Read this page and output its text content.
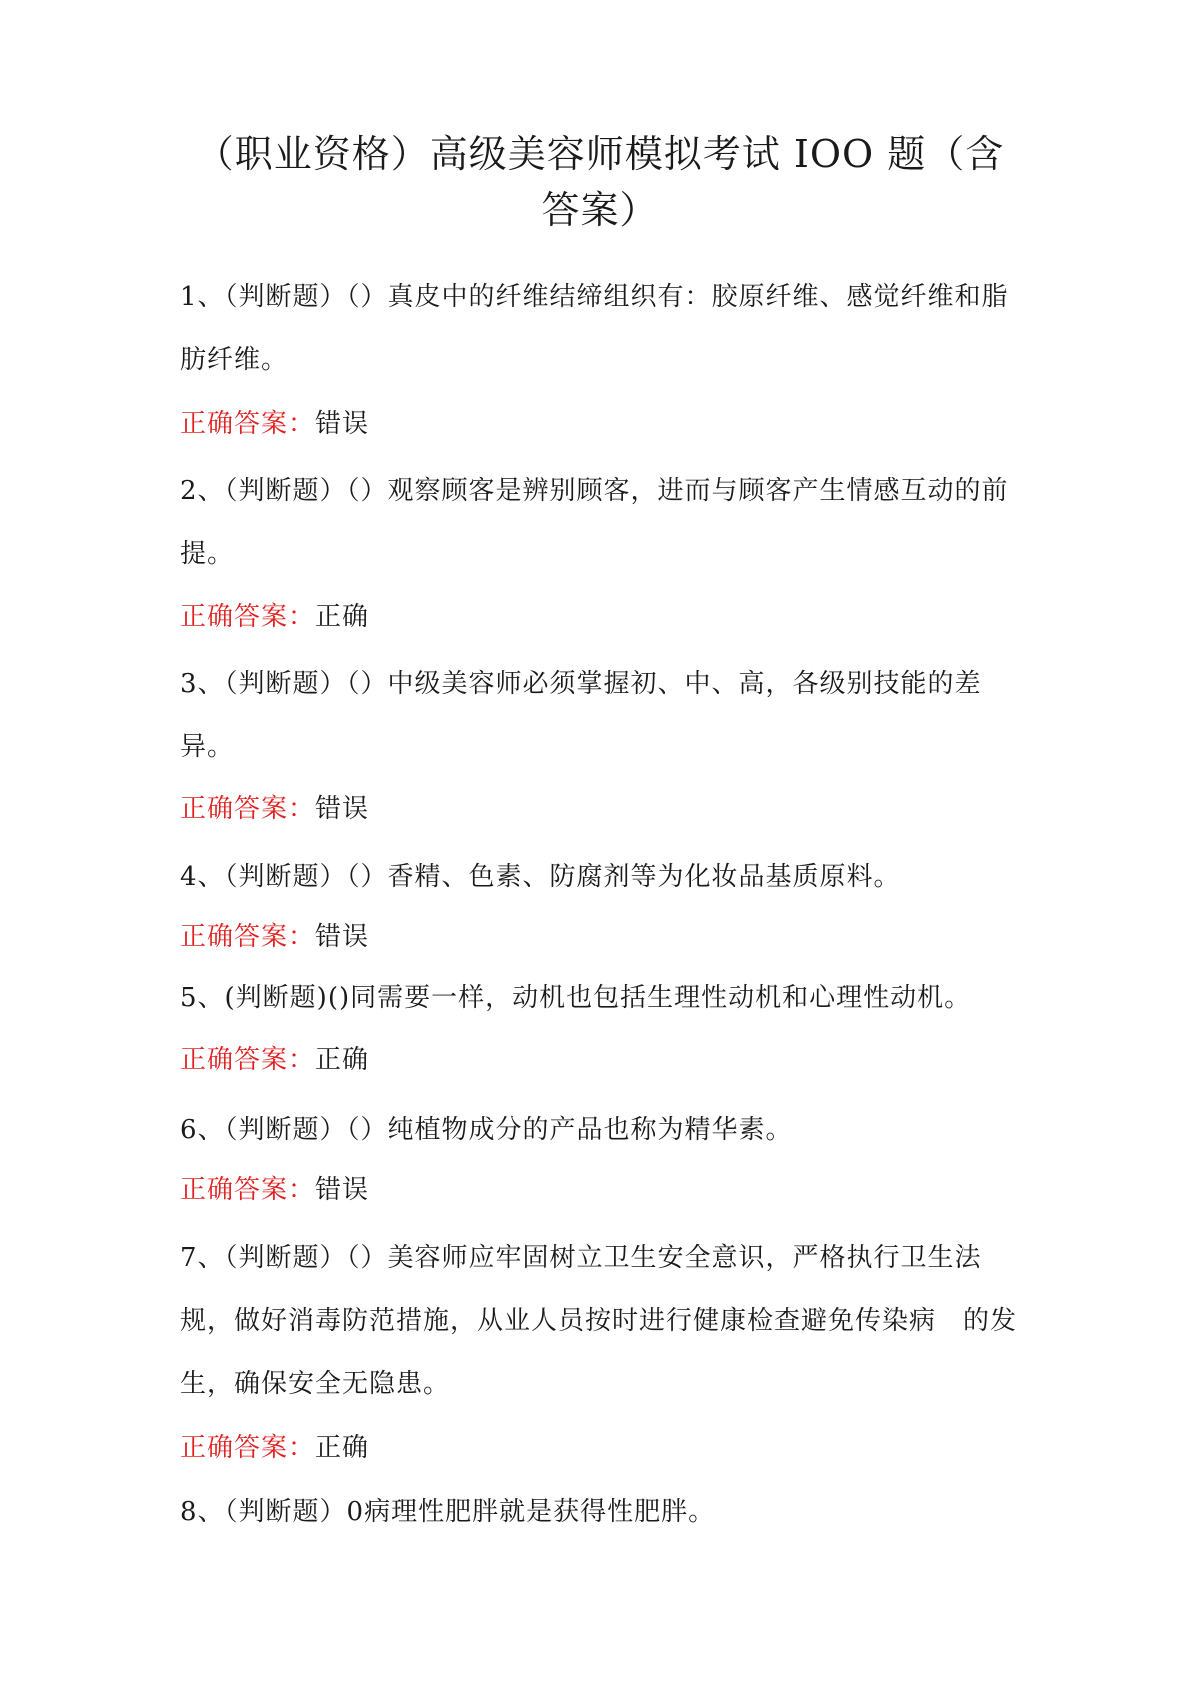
（职业资格）高级美容师模拟考试 IOO 题（含答案）

1、（判断题）（）真皮中的纤维结缔组织有：胶原纤维、感觉纤维和脂肪纤维。

正确答案：错误

2、（判断题）（）观察顾客是辨别顾客，进而与顾客产生情感互动的前提。

正确答案：正确

3、（判断题）（）中级美容师必须掌握初、中、高，各级别技能的差异。

正确答案：错误

4、（判断题）（）香精、色素、防腐剂等为化妆品基质原料。

正确答案：错误

5、(判断题)()同需要一样，动机也包括生理性动机和心理性动机。

正确答案：正确

6、（判断题）（）纯植物成分的产品也称为精华素。

正确答案：错误

7、（判断题）（）美容师应牢固树立卫生安全意识，严格执行卫生法规，做好消毒防范措施，从业人员按时进行健康检查避免传染病　的发生，确保安全无隐患。

正确答案：正确

8、（判断题）0病理性肥胖就是获得性肥胖。
